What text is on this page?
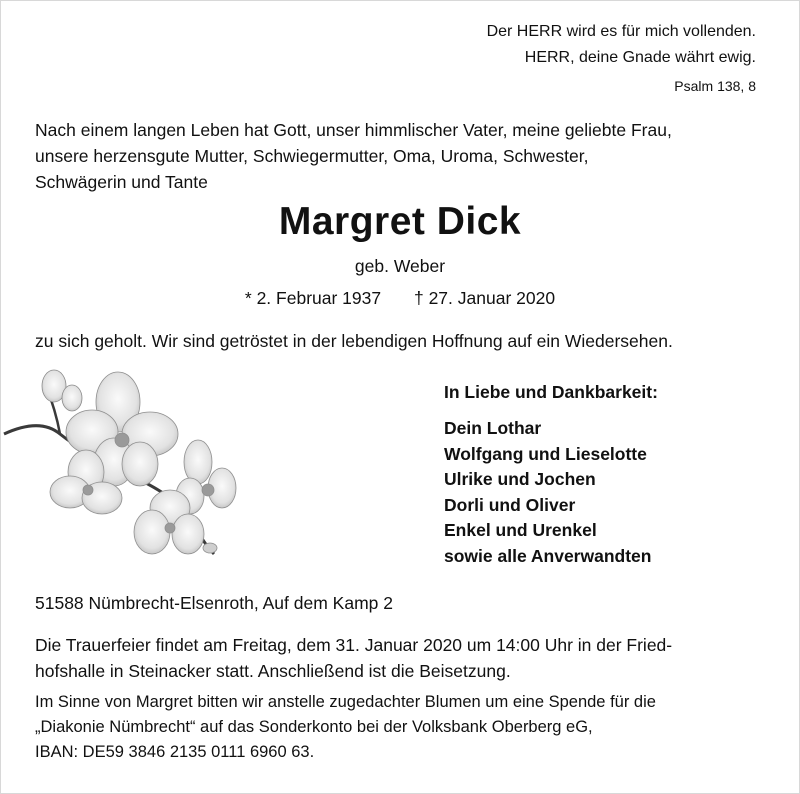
Der HERR wird es für mich vollenden.
HERR, deine Gnade währt ewig.
Psalm 138, 8
Nach einem langen Leben hat Gott, unser himmlischer Vater, meine geliebte Frau,
unsere herzensgute Mutter, Schwiegermutter, Oma, Uroma, Schwester,
Schwägerin und Tante
Margret Dick
geb. Weber
* 2. Februar 1937 † 27. Januar 2020
zu sich geholt. Wir sind getröstet in der lebendigen Hoffnung auf ein Wiedersehen.
In Liebe und Dankbarkeit:
Dein Lothar
Wolfgang und Lieselotte
Ulrike und Jochen
Dorli und Oliver
Enkel und Urenkel
sowie alle Anverwandten
51588 Nümbrecht-Elsenroth, Auf dem Kamp 2
Die Trauerfeier findet am Freitag, dem 31. Januar 2020 um 14:00 Uhr in der Fried-
hofshalle in Steinacker statt. Anschließend ist die Beisetzung.
Im Sinne von Margret bitten wir anstelle zugedachter Blumen um eine Spende für die
„Diakonie Nümbrecht“ auf das Sonderkonto bei der Volksbank Oberberg eG,
IBAN: DE59 3846 2135 0111 6960 63.
